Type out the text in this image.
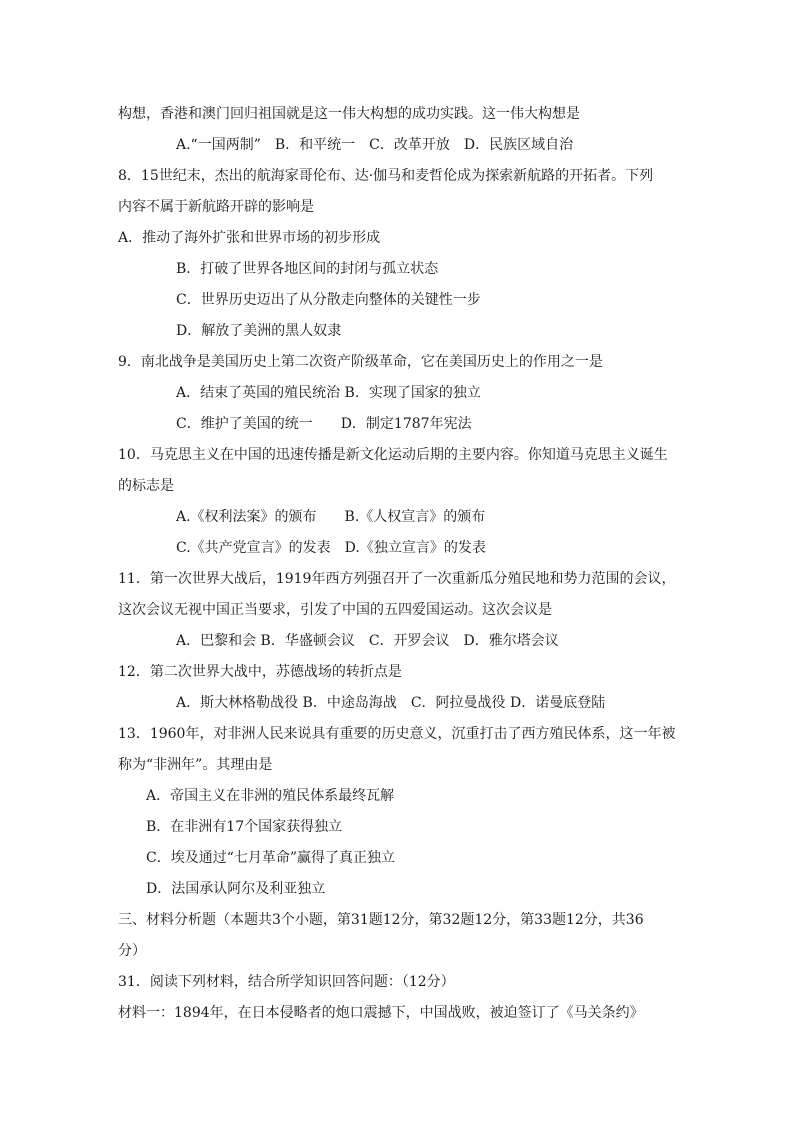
构想，香港和澳门回归祖国就是这一伟大构想的成功实践。这一伟大构想是
A.“一国两制”　B．和平统一　C．改革开放　D．民族区域自治
8．15世纪末，杰出的航海家哥伦布、达·伽马和麦哲伦成为探索新航路的开拓者。下列
内容不属于新航路开辟的影响是
A．推动了海外扩张和世界市场的初步形成
B．打破了世界各地区间的封闭与孤立状态
C．世界历史迈出了从分散走向整体的关键性一步
D．解放了美洲的黑人奴隶
9．南北战争是美国历史上第二次资产阶级革命，它在美国历史上的作用之一是
A．结束了英国的殖民统治 B．实现了国家的独立
C．维护了美国的统一　　D．制定1787年宪法
10．马克思主义在中国的迅速传播是新文化运动后期的主要内容。你知道马克思主义诞生
的标志是
A.《权利法案》的颁布　　B.《人权宣言》的颁布
C.《共产党宣言》的发表　D.《独立宣言》的发表
11．第一次世界大战后，1919年西方列强召开了一次重新瓜分殖民地和势力范围的会议，
这次会议无视中国正当要求，引发了中国的五四爱国运动。这次会议是
A．巴黎和会 B．华盛顿会议　C．开罗会议　D．雅尔塔会议
12．第二次世界大战中，苏德战场的转折点是
A．斯大林格勒战役 B．中途岛海战　C．阿拉曼战役 D．诺曼底登陆
13．1960年，对非洲人民来说具有重要的历史意义，沉重打击了西方殖民体系，这一年被
称为“非洲年”。其理由是
A．帝国主义在非洲的殖民体系最终瓦解
B．在非洲有17个国家获得独立
C．埃及通过“七月革命”赢得了真正独立
D．法国承认阿尔及利亚独立
三、材料分析题（本题共3个小题，第31题12分，第32题12分，第33题12分，共36
分）
31．阅读下列材料，结合所学知识回答问题：（12分）
材料一：1894年，在日本侵略者的炮口震撼下，中国战败，被迫签订了《马关条约》
